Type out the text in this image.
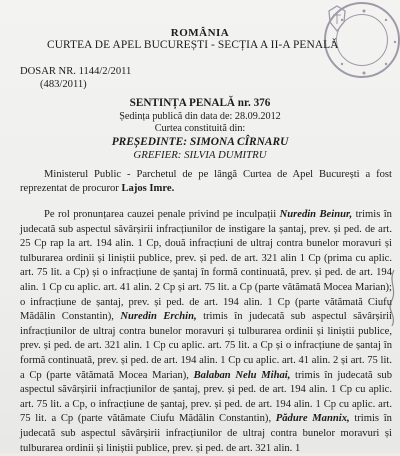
ROMÂNIA
CURTEA DE APEL BUCUREȘTI - SECȚIA A II-A PENALĂ
DOSAR NR. 1144/2/2011
(483/2011)
SENTINȚA PENALĂ nr. 376
Ședința publică din data de: 28.09.2012
Curtea constituită din:
PREȘEDINTE: SIMONA CÎRNARU
GREFIER: SILVIA DUMITRU
Ministerul Public - Parchetul de pe lângă Curtea de Apel București a fost reprezentat de procuror Lajos Imre.
Pe rol pronunțarea cauzei penale privind pe inculpații Nuredin Beinur, trimis în judecată sub aspectul săvârșirii infracțiunilor de instigare la șantaj, prev. și ped. de art. 25 Cp rap la art. 194 alin. 1 Cp, două infracțiuni de ultraj contra bunelor moravuri și tulburarea ordinii și liniștii publice, prev. și ped. de art. 321 alin 1 Cp (prima cu aplic. art. 75 lit. a Cp) și o infracțiune de șantaj în formă continuată, prev. și ped. de art. 194 alin. 1 Cp cu aplic. art. 41 alin. 2 Cp și art. 75 lit. a Cp (parte vătămată Mocea Marian); o infracțiune de șantaj, prev. și ped. de art. 194 alin. 1 Cp (parte vătămată Ciufu Mădălin Constantin), Nuredin Erchin, trimis în judecată sub aspectul săvârșirii infracțiunilor de ultraj contra bunelor moravuri și tulburarea ordinii și liniștii publice, prev. și ped. de art. 321 alin. 1 Cp cu aplic. art. 75 lit. a Cp și o infracțiune de șantaj în formă continuată, prev. și ped. de art. 194 alin. 1 Cp cu aplic. art. 41 alin. 2 și art. 75 lit. a Cp (parte vătămată Mocea Marian), Balaban Nelu Mihai, trimis în judecată sub aspectul săvârșirii infracțiunilor de șantaj, prev. și ped. de art. 194 alin. 1 Cp cu aplic. art. 75 lit. a Cp, o infracțiune de șantaj, prev. și ped. de art. 194 alin. 1 Cp cu aplic. art. 75 lit. a Cp (parte vătămate Ciufu Mădălin Constantin), Pădure Mannix, trimis în judecată sub aspectul săvârșirii infracțiunilor de ultraj contra bunelor moravuri și tulburarea ordinii și liniștii publice, prev. și ped. de art. 321 alin. 1
